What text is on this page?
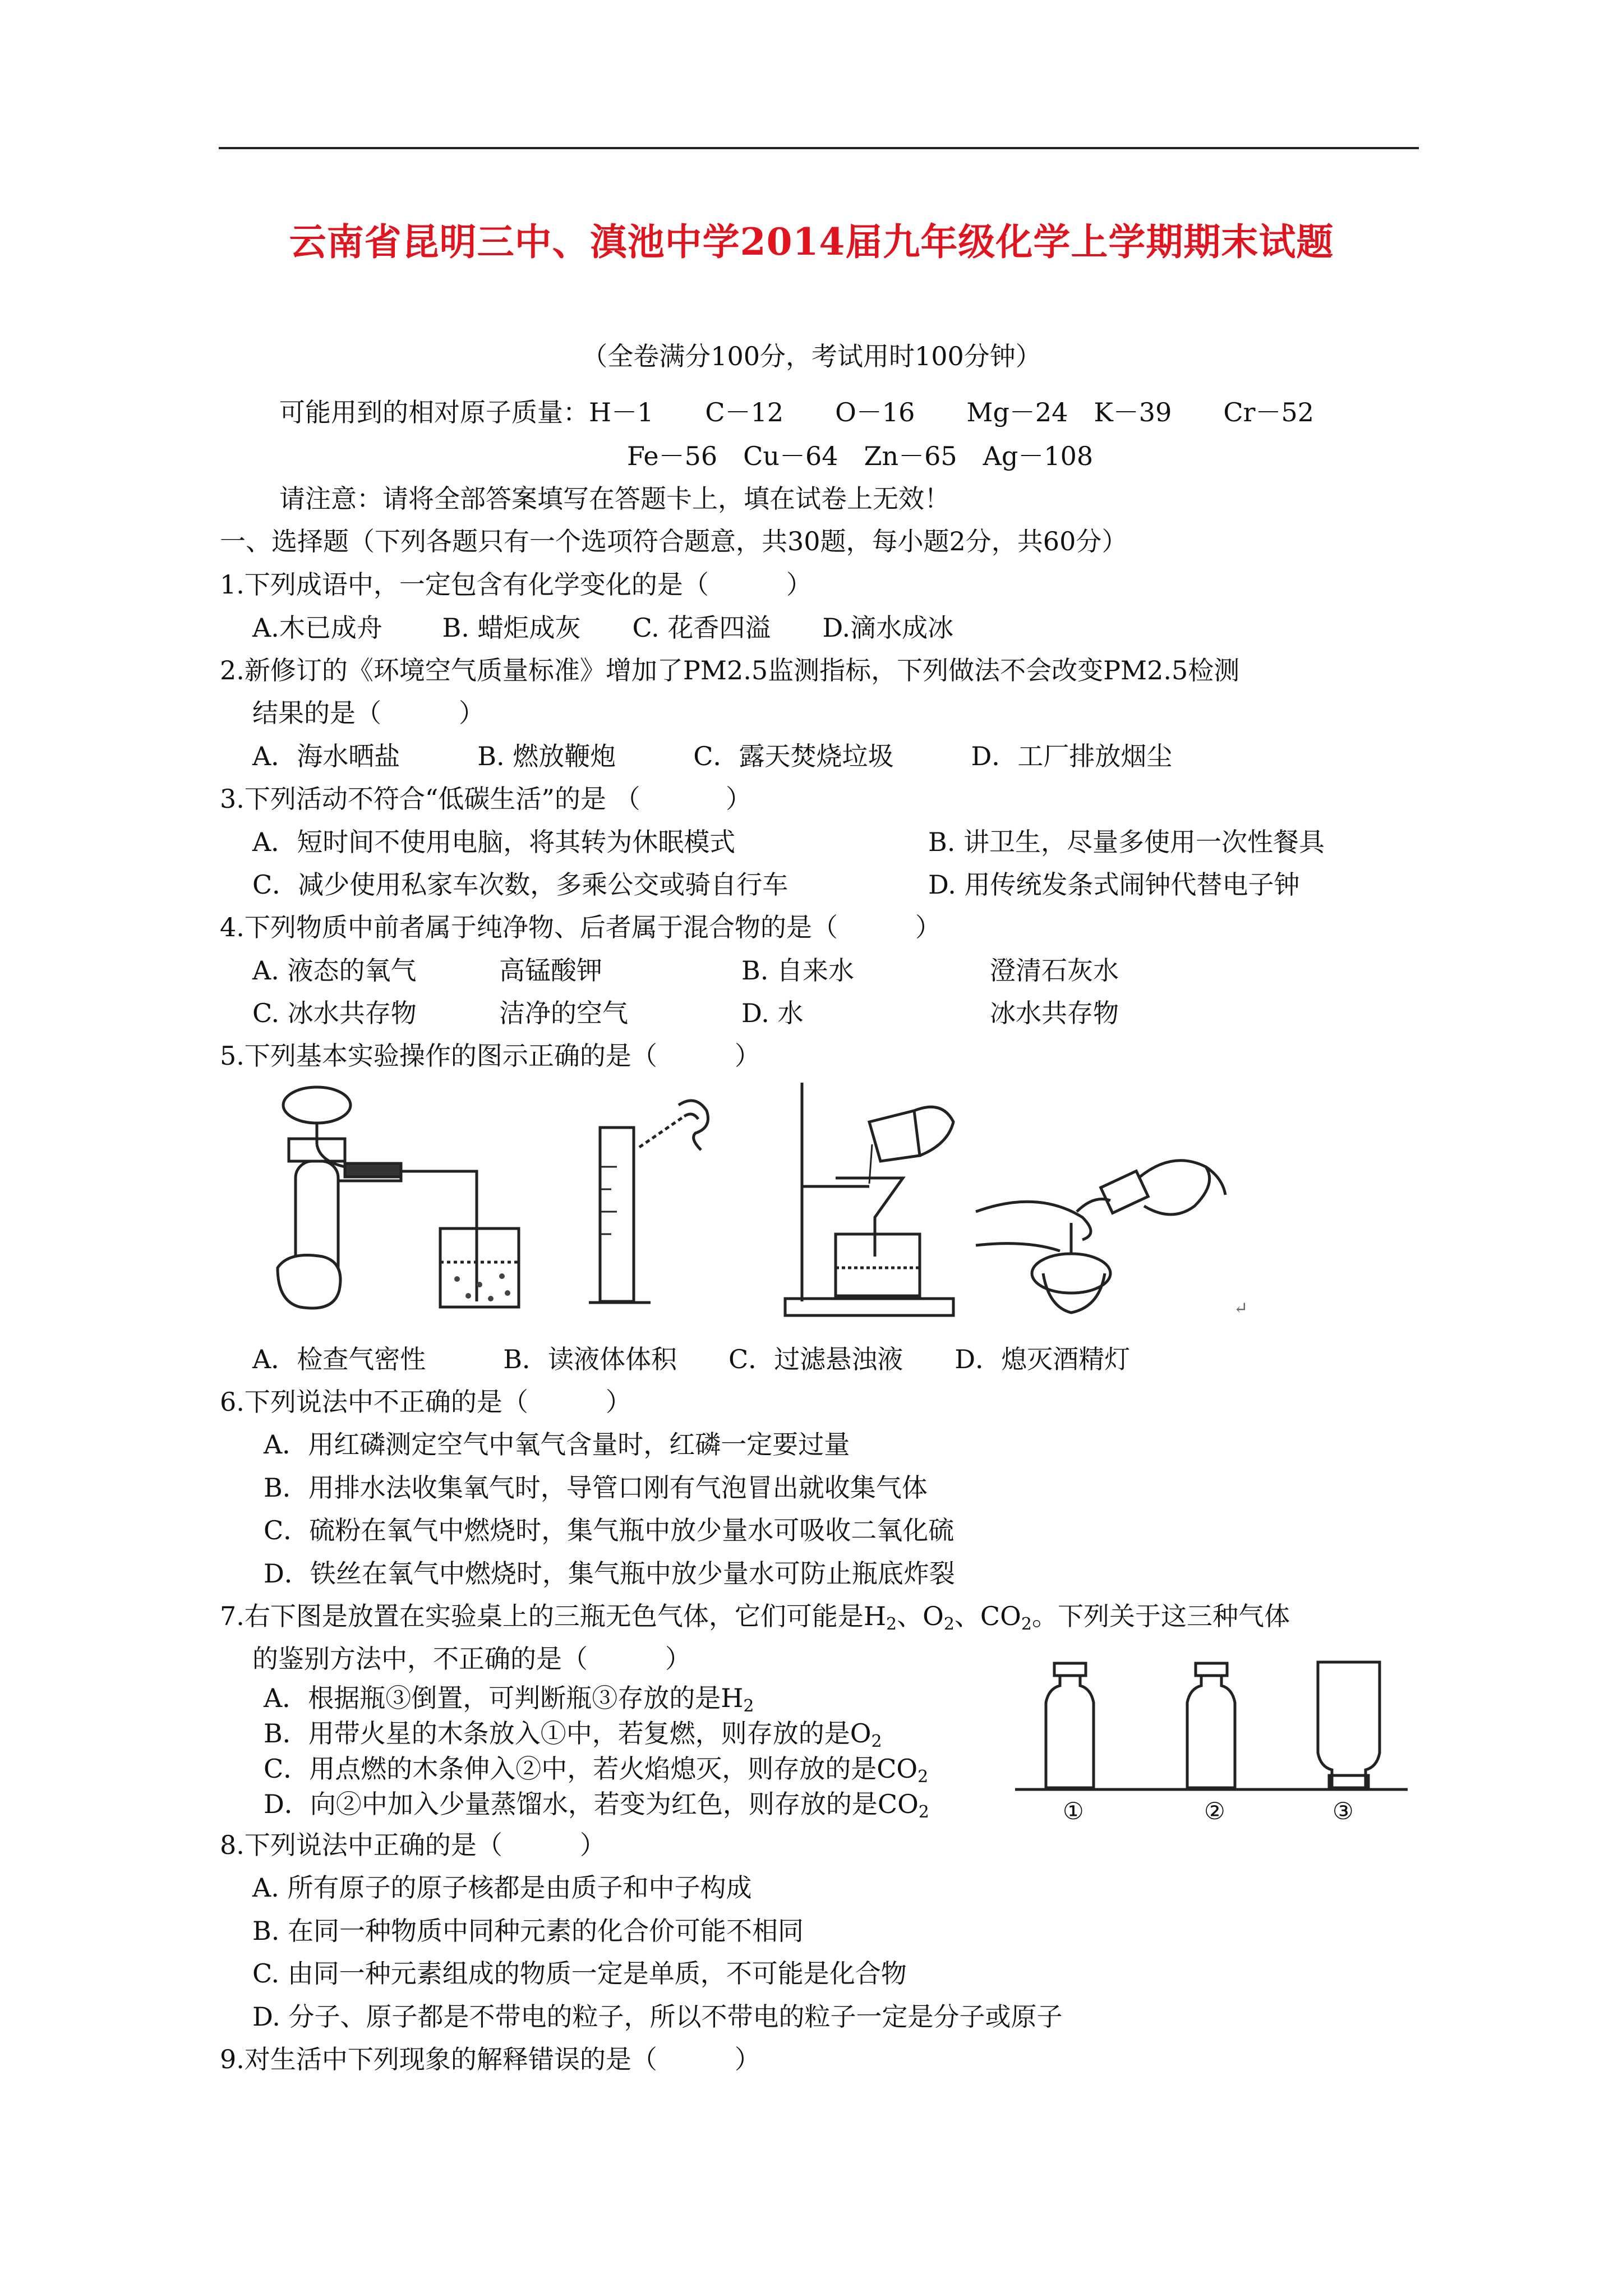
云南省昆明三中、滇池中学2014届九年级化学上学期期末试题
（全卷满分100分，考试用时100分钟）
可能用到的相对原子质量：H－1　　C－12　　O－16　　Mg－24　K－39　　Cr－52
Fe－56　Cu－64　Zn－65　Ag－108
请注意：请将全部答案填写在答题卡上，填在试卷上无效！
一、选择题（下列各题只有一个选项符合题意，共30题，每小题2分，共60分）
1.下列成语中，一定包含有化学变化的是（　　　）
A.木已成舟　　 B. 蜡炬成灰　　C. 花香四溢　　D.滴水成冰
2.新修订的《环境空气质量标准》增加了PM2.5监测指标，下列做法不会改变PM2.5检测
结果的是（　　　）
A．海水晒盐　　　B. 燃放鞭炮　　　C．露天焚烧垃圾　　　D．工厂排放烟尘
3.下列活动不符合“低碳生活”的是 （　　　 ）
A．短时间不使用电脑，将其转为休眠模式	B. 讲卫生，尽量多使用一次性餐具
C．减少使用私家车次数，多乘公交或骑自行车	D. 用传统发条式闹钟代替电子钟
4.下列物质中前者属于纯净物、后者属于混合物的是（　　　）
A. 液态的氧气	高锰酸钾	B. 自来水	澄清石灰水
C. 冰水共存物	洁净的空气	D. 水	冰水共存物
5.下列基本实验操作的图示正确的是（　　　）
↵
A．检查气密性　　　B．读液体体积　　C．过滤悬浊液　　D．熄灭酒精灯
6.下列说法中不正确的是（　　　）
A．用红磷测定空气中氧气含量时，红磷一定要过量
B．用排水法收集氧气时，导管口刚有气泡冒出就收集气体
C．硫粉在氧气中燃烧时，集气瓶中放少量水可吸收二氧化硫
D．铁丝在氧气中燃烧时，集气瓶中放少量水可防止瓶底炸裂
7.右下图是放置在实验桌上的三瓶无色气体，它们可能是$H_2$、$O_2$、$CO_2$。下列关于这三种气体
的鉴别方法中，不正确的是（　　　）
A．根据瓶③倒置，可判断瓶③存放的是$H_2$
B．用带火星的木条放入①中，若复燃，则存放的是$O_2$
C．用点燃的木条伸入②中，若火焰熄灭，则存放的是$CO_2$
D．向②中加入少量蒸馏水，若变为红色，则存放的是$CO_2$	①	②	③
8.下列说法中正确的是（　　　）
A. 所有原子的原子核都是由质子和中子构成
B. 在同一种物质中同种元素的化合价可能不相同
C. 由同一种元素组成的物质一定是单质，不可能是化合物
D. 分子、原子都是不带电的粒子，所以不带电的粒子一定是分子或原子
9.对生活中下列现象的解释错误的是（　　　）
